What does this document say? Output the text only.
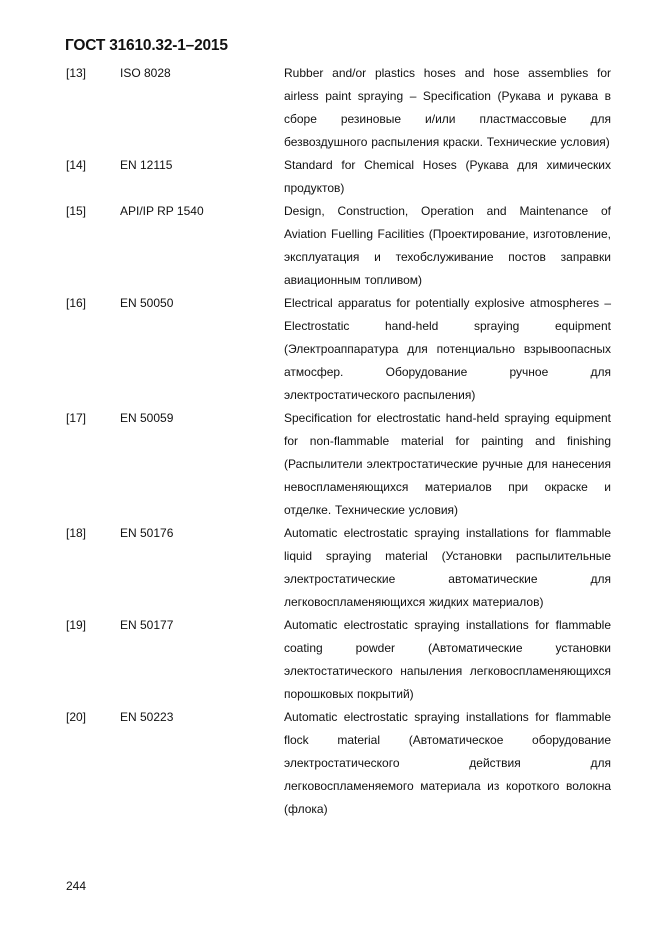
ГОСТ 31610.32-1–2015
[13]	ISO 8028	Rubber and/or plastics hoses and hose assemblies for airless paint spraying – Specification (Рукава и рукава в сборе резиновые и/или пластмассовые для безвоздушного распыления краски. Технические условия)
[14]	EN 12115	Standard for Chemical Hoses (Рукава для химических продуктов)
[15]	API/IP RP 1540	Design, Construction, Operation and Maintenance of Aviation Fuelling Facilities (Проектирование, изготовление, эксплуатация и техобслуживание постов заправки авиационным топливом)
[16]	EN 50050	Electrical apparatus for potentially explosive atmospheres – Electrostatic hand-held spraying equipment (Электроаппаратура для потенциально взрывоопасных атмосфер. Оборудование ручное для электростатического распыления)
[17]	EN 50059	Specification for electrostatic hand-held spraying equipment for non-flammable material for painting and finishing (Распылители электростатические ручные для нанесения невоспламеняющихся материалов при окраске и отделке. Технические условия)
[18]	EN 50176	Automatic electrostatic spraying installations for flammable liquid spraying material (Установки распылительные электростатические автоматические для легковоспламеняющихся жидких материалов)
[19]	EN 50177	Automatic electrostatic spraying installations for flammable coating powder (Автоматические установки электостатического напыления легковоспламеняющихся порошковых покрытий)
[20]	EN 50223	Automatic electrostatic spraying installations for flammable flock material (Автоматическое оборудование электростатического действия для легковоспламеняемого материала из короткого волокна (флока)
244
